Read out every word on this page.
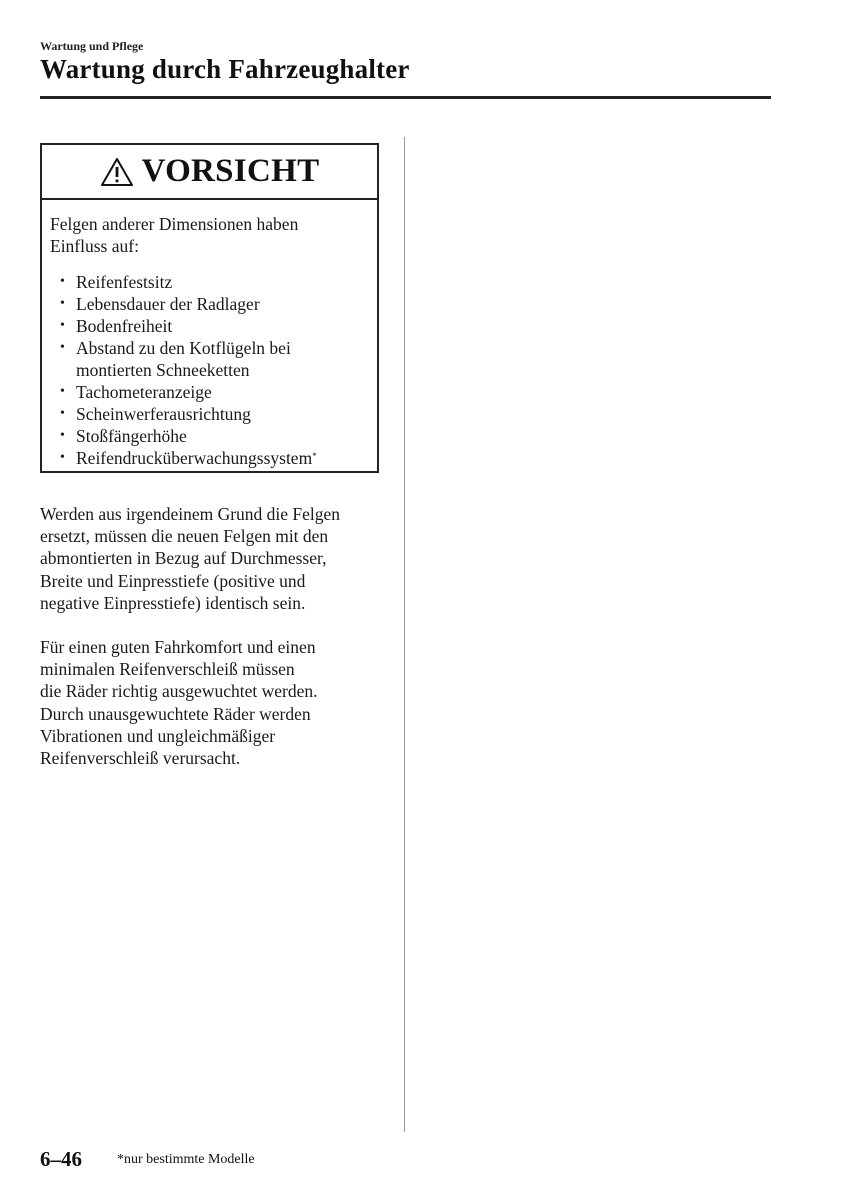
Wartung und Pflege
Wartung durch Fahrzeughalter
VORSICHT

Felgen anderer Dimensionen haben
Einfluss auf:

• Reifenfestsitz
• Lebensdauer der Radlager
• Bodenfreiheit
• Abstand zu den Kotflügeln bei
montierten Schneeketten
• Tachometeranzeige
• Scheinwerferausrichtung
• Stoßfängerhöhe
• Reifendrucküberwachungssystem*

Werden aus irgendeinem Grund die Felgen
ersetzt, müssen die neuen Felgen mit den
abmontierten in Bezug auf Durchmesser,
Breite und Einpresstiefe (positive und
negative Einpresstiefe) identisch sein.

Für einen guten Fahrkomfort und einen
minimalen Reifenverschleiß müssen
die Räder richtig ausgewuchtet werden.
Durch unausgewuchtete Räder werden
Vibrationen und ungleichmäßiger
Reifenverschleiß verursacht.

6–46	*nur bestimmte Modelle
